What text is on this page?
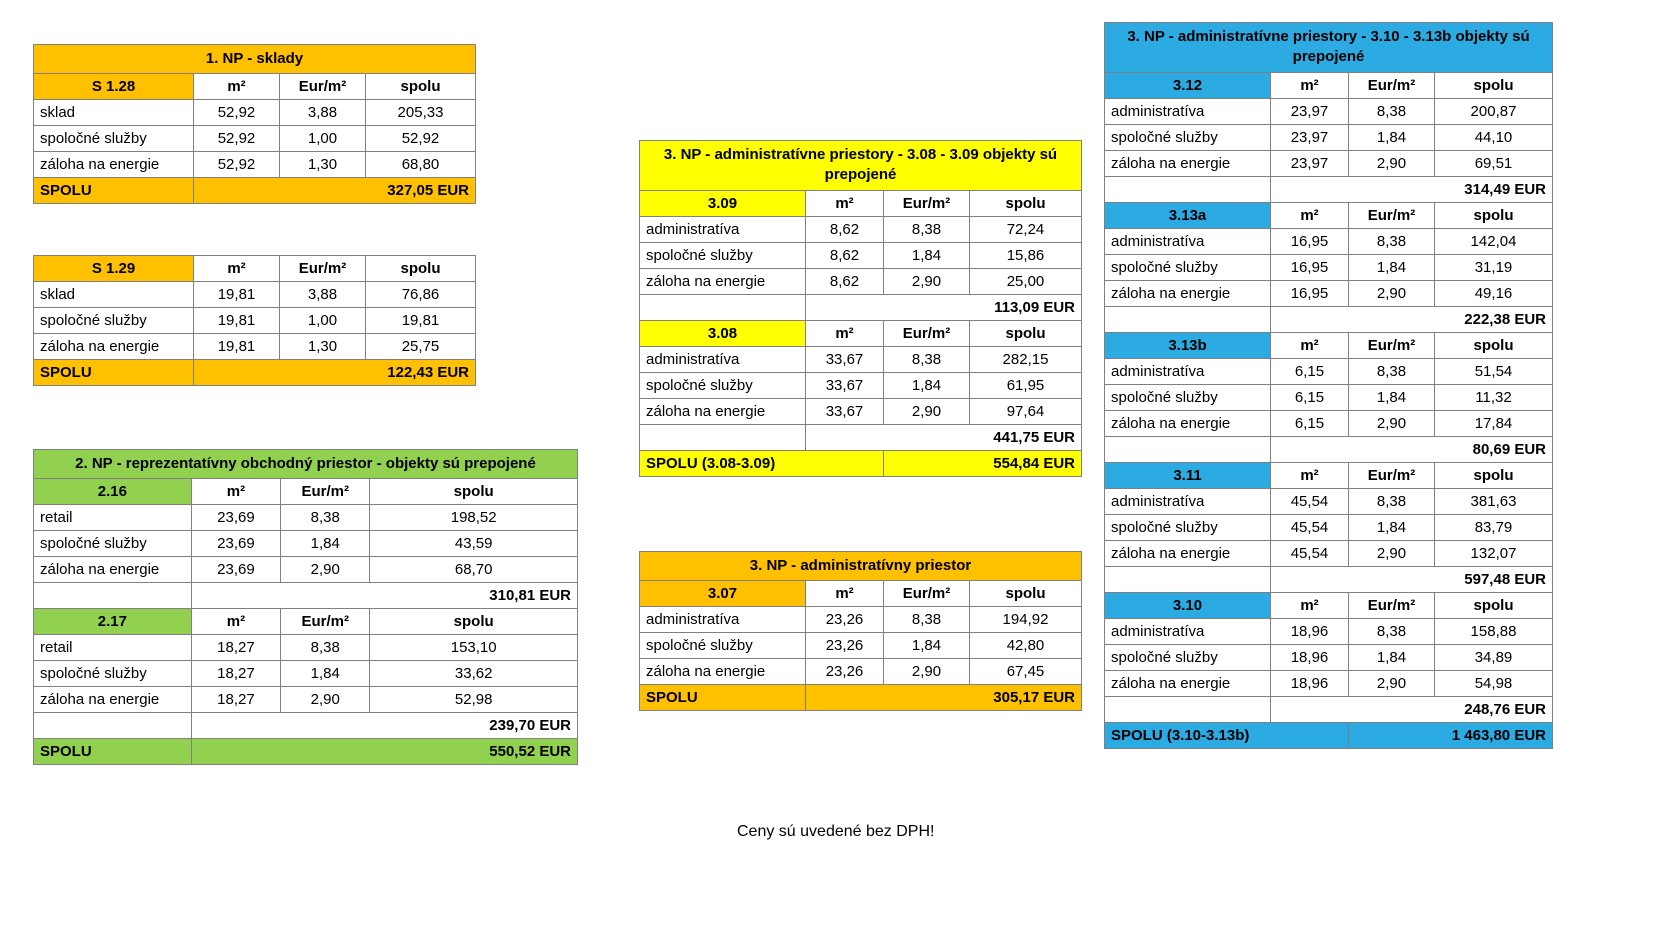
1. NP - sklady			
S 1.28	m²	Eur/m²	spolu
sklad	52,92	3,88	205,33
spoločné služby	52,92	1,00	52,92
záloha na energie	52,92	1,30	68,80
SPOLU	327,05 EUR		
S 1.29	m²	Eur/m²	spolu
sklad	19,81	3,88	76,86
spoločné služby	19,81	1,00	19,81
záloha na energie	19,81	1,30	25,75
SPOLU	122,43 EUR		
2. NP - reprezentatívny obchodný priestor - objekty sú prepojené			
2.16	m²	Eur/m²	spolu
retail	23,69	8,38	198,52
spoločné služby	23,69	1,84	43,59
záloha na energie	23,69	2,90	68,70
	310,81 EUR		
2.17	m²	Eur/m²	spolu
retail	18,27	8,38	153,10
spoločné služby	18,27	1,84	33,62
záloha na energie	18,27	2,90	52,98
	239,70 EUR		
SPOLU	550,52 EUR		
3. NP - administratívne priestory - 3.08 - 3.09 objekty sú prepojené			
3.09	m²	Eur/m²	spolu
administratíva	8,62	8,38	72,24
spoločné služby	8,62	1,84	15,86
záloha na energie	8,62	2,90	25,00
	113,09 EUR		
3.08	m²	Eur/m²	spolu
administratíva	33,67	8,38	282,15
spoločné služby	33,67	1,84	61,95
záloha na energie	33,67	2,90	97,64
	441,75 EUR		
SPOLU (3.08-3.09)		554,84 EUR	
3. NP - administratívny priestor			
3.07	m²	Eur/m²	spolu
administratíva	23,26	8,38	194,92
spoločné služby	23,26	1,84	42,80
záloha na energie	23,26	2,90	67,45
SPOLU	305,17 EUR		
3. NP - administratívne priestory - 3.10 - 3.13b objekty sú prepojené			
3.12	m²	Eur/m²	spolu
administratíva	23,97	8,38	200,87
spoločné služby	23,97	1,84	44,10
záloha na energie	23,97	2,90	69,51
	314,49 EUR		
3.13a	m²	Eur/m²	spolu
administratíva	16,95	8,38	142,04
spoločné služby	16,95	1,84	31,19
záloha na energie	16,95	2,90	49,16
	222,38 EUR		
3.13b	m²	Eur/m²	spolu
administratíva	6,15	8,38	51,54
spoločné služby	6,15	1,84	11,32
záloha na energie	6,15	2,90	17,84
	80,69 EUR		
3.11	m²	Eur/m²	spolu
administratíva	45,54	8,38	381,63
spoločné služby	45,54	1,84	83,79
záloha na energie	45,54	2,90	132,07
	597,48 EUR		
3.10	m²	Eur/m²	spolu
administratíva	18,96	8,38	158,88
spoločné služby	18,96	1,84	34,89
záloha na energie	18,96	2,90	54,98
	248,76 EUR		
SPOLU (3.10-3.13b)		1 463,80 EUR	
Ceny sú uvedené bez DPH!
